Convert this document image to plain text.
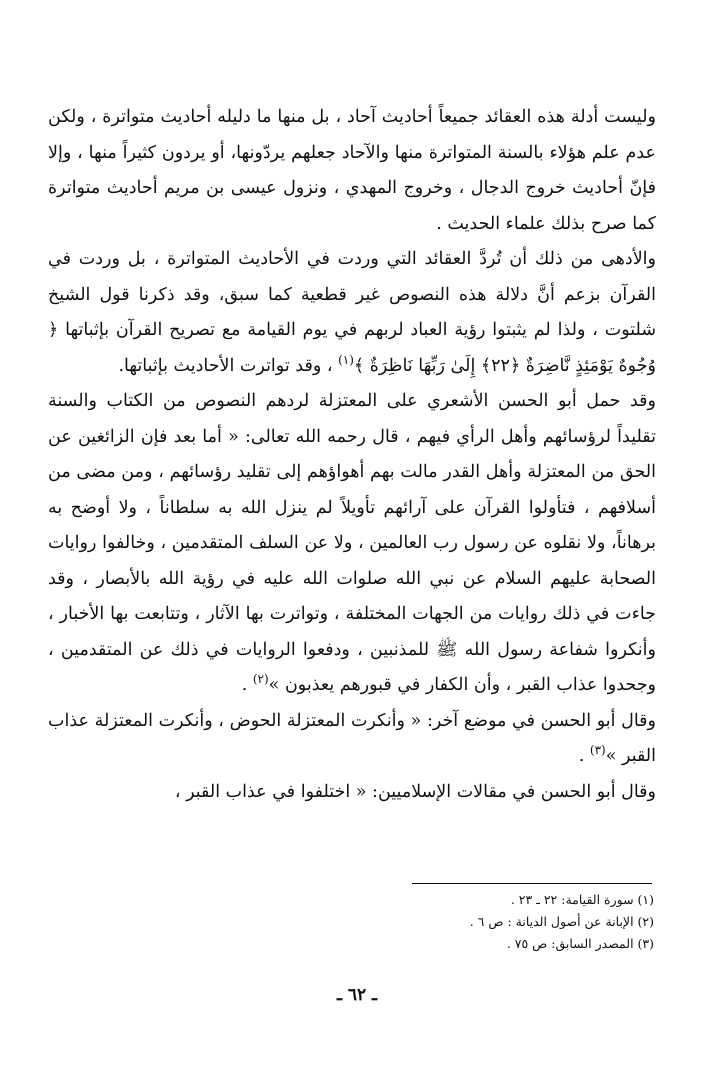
وليست أدلة هذه العقائد جميعاً أحاديث آحاد ، بل منها ما دليله أحاديث متواترة ، ولكن عدم علم هؤلاء بالسنة المتواترة منها والآحاد جعلهم يردّونها، أو يردون كثيراً منها ، وإلا فإنّ أحاديث خروج الدجال ، وخروج المهدي ، ونزول عيسى بن مريم أحاديث متواترة كما صرح بذلك علماء الحديث .

والأدهى من ذلك أن تُردَّ العقائد التي وردت في الأحاديث المتواترة ، بل وردت في القرآن بزعم أنَّ دلالة هذه النصوص غير قطعية كما سبق، وقد ذكرنا قول الشيخ شلتوت ، ولذا لم يثبتوا رؤية العباد لربهم في يوم القيامة مع تصريح القرآن بإثباتها ﴿ وُجُوهٌ يَوْمَئِذٍ نَّاضِرَةٌ ﴿٢٢﴾ إِلَىٰ رَبِّهَا نَاظِرَةٌ ﴾$^{(١)}$ ، وقد تواترت الأحاديث بإثباتها.

وقد حمل أبو الحسن الأشعري على المعتزلة لردهم النصوص من الكتاب والسنة تقليداً لرؤسائهم وأهل الرأي فيهم ، قال رحمه الله تعالى: « أما بعد فإن الزائغين عن الحق من المعتزلة وأهل القدر مالت بهم أهواؤهم إلى تقليد رؤسائهم ، ومن مضى من أسلافهم ، فتأولوا القرآن على آرائهم تأويلاً لم ينزل الله به سلطاناً ، ولا أوضح به برهاناً، ولا نقلوه عن رسول رب العالمين ، ولا عن السلف المتقدمين ، وخالفوا روايات الصحابة عليهم السلام عن نبي الله صلوات الله عليه في رؤية الله بالأبصار ، وقد جاءت في ذلك روايات من الجهات المختلفة ، وتواترت بها الآثار ، وتتابعت بها الأخبار ، وأنكروا شفاعة رسول الله ﷺ للمذنبين ، ودفعوا الروايات في ذلك عن المتقدمين ، وجحدوا عذاب القبر ، وأن الكفار في قبورهم يعذبون »$^{(٢)}$ .

وقال أبو الحسن في موضع آخر: « وأنكرت المعتزلة الحوض ، وأنكرت المعتزلة عذاب القبر »$^{(٣)}$ .

وقال أبو الحسن في مقالات الإسلاميين: « اختلفوا في عذاب القبر ،

(١) سورة القيامة: ٢٢ ـ ٢٣ .
(٢) الإبانة عن أصول الديانة : ص ٦ .
(٣) المصدر السابق: ص ٧٥ .
ـ ٦٢ ـ
